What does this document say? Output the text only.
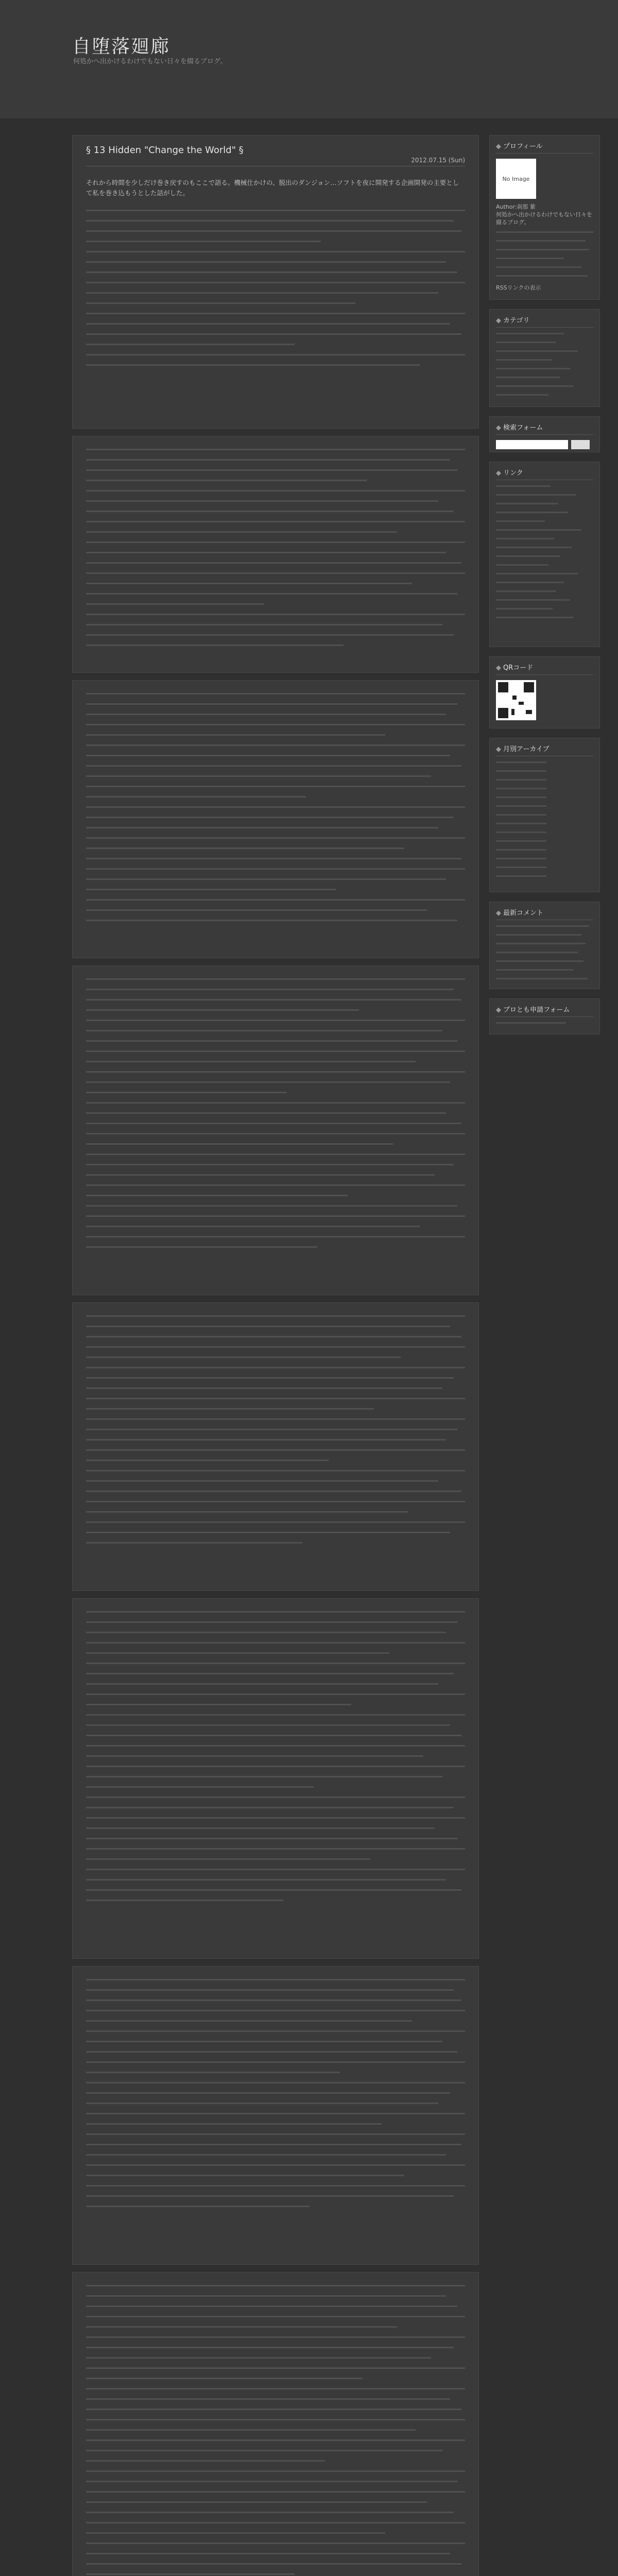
自堕落廻廊
何処かへ出かけるわけでもない日々を綴るブログ。
§ 13 Hidden "Change the World" §
2012.07.15 (Sun)
それから時間を少しだけ巻き戻すのもここで語る。機械仕かけの、脱出のダンジョン…ソフトを夜に開発する企画開発の主要として私を巻き込もうとした話がした。
◆ プロフィール
No Image
Author:刹那 紫
何処かへ出かけるわけでもない日々を綴るブログ。
RSSリンクの表示
◆ カテゴリ
◆ 検索フォーム
◆ リンク
◆ QRコード
◆ 月別アーカイブ
◆ 最新コメント
◆ ブロとも申請フォーム
